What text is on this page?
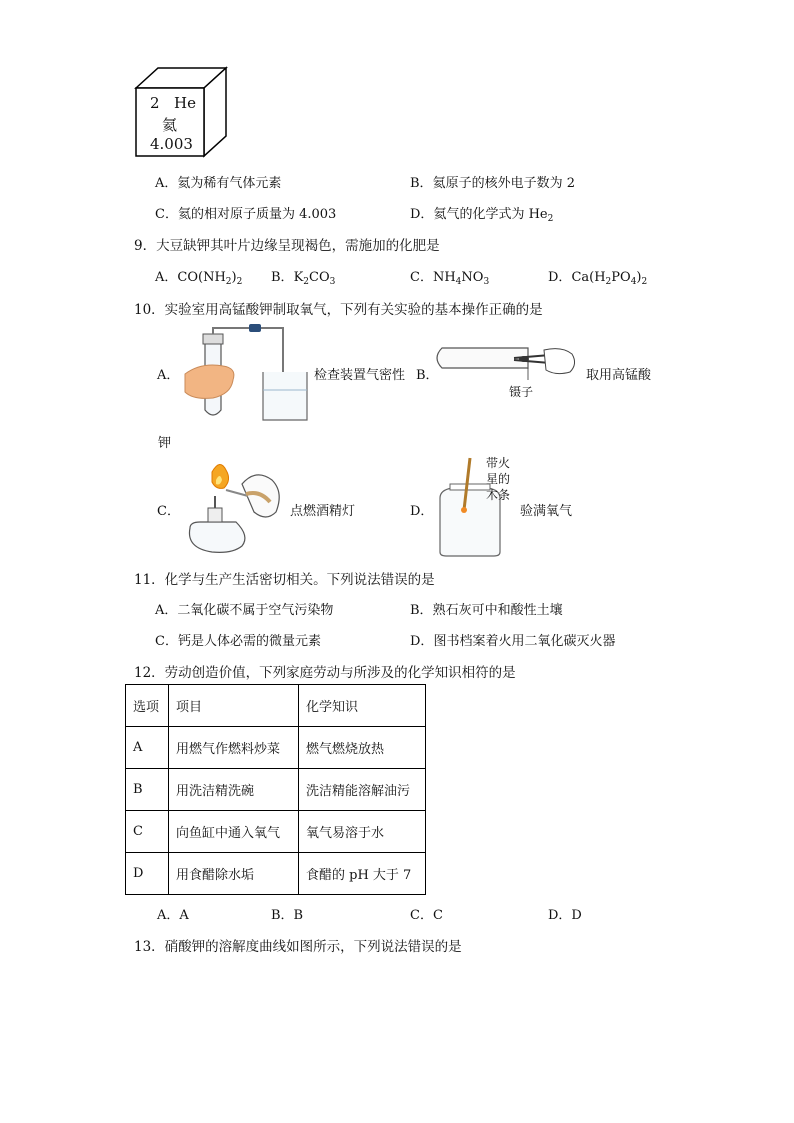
2 He
氦
4.003
A．氦为稀有气体元素	B．氦原子的核外电子数为 2
C．氦的相对原子质量为 4.003	D．氦气的化学式为 $He_2$
9．大豆缺钾其叶片边缘呈现褐色，需施加的化肥是
A．$CO(NH_2)_2$ B．$K_2CO_3$	C．$NH_4NO_3$	D．$Ca(H_2PO_4)_2$
10．实验室用高锰酸钾制取氧气，下列有关实验的基本操作正确的是
A．	检查装置气密性 B．
镊子
取用高锰酸
钾
C．	点燃酒精灯	D．
带火
星的
木条
验满氧气
11．化学与生产生活密切相关。下列说法错误的是
A．二氧化碳不属于空气污染物	B．熟石灰可中和酸性土壤
C．钙是人体必需的微量元素	D．图书档案着火用二氧化碳灭火器
12．劳动创造价值，下列家庭劳动与所涉及的化学知识相符的是
选项	项目	化学知识
A	用燃气作燃料炒菜	燃气燃烧放热
B	用洗洁精洗碗	洗洁精能溶解油污
C	向鱼缸中通入氧气	氧气易溶于水
D	用食醋除水垢	食醋的 pH 大于 7
A．A	B．B	C．C	D．D
13．硝酸钾的溶解度曲线如图所示，下列说法错误的是
